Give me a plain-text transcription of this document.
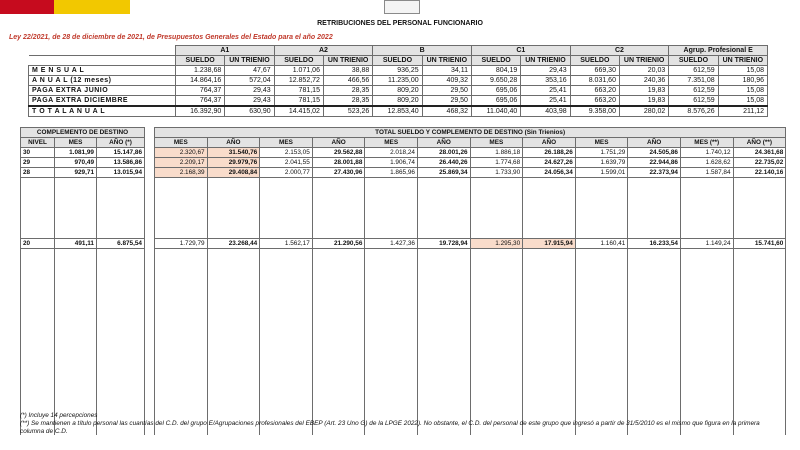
RETRIBUCIONES DEL PERSONAL FUNCIONARIO
Ley 22/2021, de 28 de diciembre de 2021, de Presupuestos Generales del Estado para el año 2022
	A1		A2		B		C1		C2		Agrup. Profesional E	
	SUELDO	UN TRIENIO	SUELDO	UN TRIENIO	SUELDO	UN TRIENIO	SUELDO	UN TRIENIO	SUELDO	UN TRIENIO	SUELDO	UN TRIENIO
M E N S U A L	1.238,68	47,67	1.071,06	38,88	936,25	34,11	804,19	29,43	669,30	20,03	612,59	15,08
A N U A L (12 meses)	14.864,16	572,04	12.852,72	466,56	11.235,00	409,32	9.650,28	353,16	8.031,60	240,36	7.351,08	180,96
PAGA EXTRA JUNIO	764,37	29,43	781,15	28,35	809,20	29,50	695,06	25,41	663,20	19,83	612,59	15,08
PAGA EXTRA DICIEMBRE	764,37	29,43	781,15	28,35	809,20	29,50	695,06	25,41	663,20	19,83	612,59	15,08
T O T A L A N U A L	16.392,90	630,90	14.415,02	523,26	12.853,40	468,32	11.040,40	403,98	9.358,00	280,02	8.576,26	211,12
COMPLEMENTO DE DESTINO				TOTAL SUELDO Y COMPLEMENTO DE DESTINO (Sin Trienios)											
NIVEL	MES	AÑO (*)		MES	AÑO	MES	AÑO	MES	AÑO	MES	AÑO	MES	AÑO	MES (**)	AÑO (**)
30	1.081,99	15.147,86		2.320,67	31.540,76	2.153,05	29.562,88	2.018,24	28.001,26	1.886,18	26.188,26	1.751,29	24.505,86	1.740,12	24.361,68
29	970,49	13.586,86		2.209,17	29.979,76	2.041,55	28.001,88	1.906,74	26.440,26	1.774,68	24.627,26	1.639,79	22.944,86	1.628,62	22.735,02
28	929,71	13.015,94		2.168,39	29.408,84	2.000,77	27.430,96	1.865,96	25.869,34	1.733,90	24.056,34	1.599,01	22.373,94	1.587,84	22.140,16

20	491,11	6.875,54		1.729,79	23.268,44	1.562,17	21.290,56	1.427,36	19.728,94	1.295,30	17.915,94	1.160,41	16.233,54	1.149,24	15.741,60

(*) Incluye 14 percepciones
(**) Se mantienen a título personal las cuantías del C.D. del grupo E/Agrupaciones profesionales del EBEP (Art. 23 Uno G) de la LPGE 2022). No obstante, el C.D. del personal de este grupo que ingresó a partir de 31/5/2010 es el mismo que figura en la primera columna de C.D.
